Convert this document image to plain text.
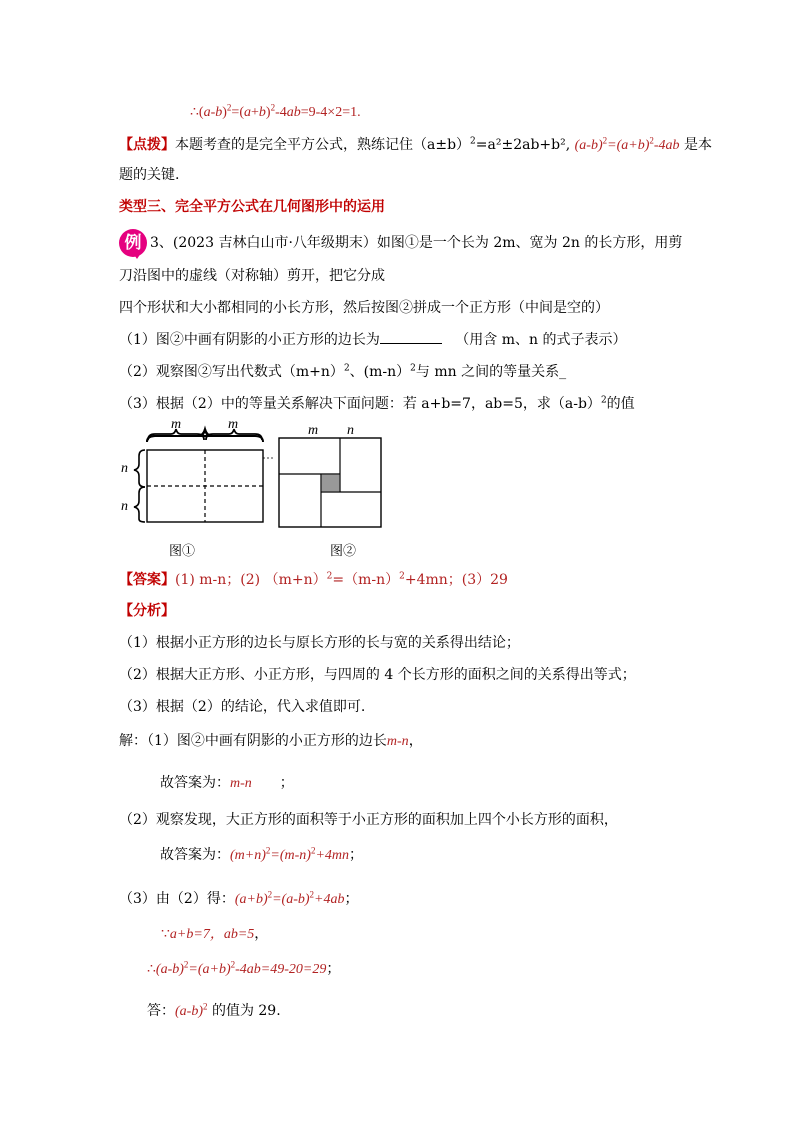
$\therefore(a-b)^2=(a+b)^2-4ab=9-4\times 2=1$.
【点拨】本题考查的是完全平方公式，熟练记住$(a\pm b)^2=a^2\pm 2ab+b^2$, $(a-b)^2=(a+b)^2-4ab$ 是本
题的关键.
类型三、完全平方公式在几何图形中的运用
例 3、(2023 吉林白山市·八年级期末）如图①是一个长为 2m、宽为 2n 的长方形，用剪
刀沿图中的虚线（对称轴）剪开，把它分成
四个形状和大小都相同的小长方形，然后按图②拼成一个正方形（中间是空的）
（1）图②中画有阴影的小正方形的边长为	（用含 m、n 的式子表示）
（2）观察图②写出代数式$(m+n)^2$、(m-n）$^2$与 mn 之间的等量关系_
（3）根据（2）中的等量关系解决下面问题：若 a+b=7，ab=5，求$(a-b)^2$的值
m	m
n
n
图①
m n
图②
【答案】(1) m-n；(2) $(m+n)^2=(m-n)^2+4mn$；(3）29
【分析】
（1）根据小正方形的边长与原长方形的长与宽的关系得出结论；
（2）根据大正方形、小正方形，与四周的 4 个长方形的面积之间的关系得出等式；
（3）根据（2）的结论，代入求值即可.
解：（1）图②中画有阴影的小正方形的边长m-n，
故答案为：m-n ；
（2）观察发现，大正方形的面积等于小正方形的面积加上四个小长方形的面积，
故答案为：$(m+n)^2=(m-n)^2+4mn$；
（3）由（2）得：$(a+b)^2=(a-b)^2+4ab$；
∵a+b=7，ab=5，
$\therefore(a-b)^2=(a+b)^2-4ab=49-20=29$；
答：$(a-b)^2$ 的值为 29.
